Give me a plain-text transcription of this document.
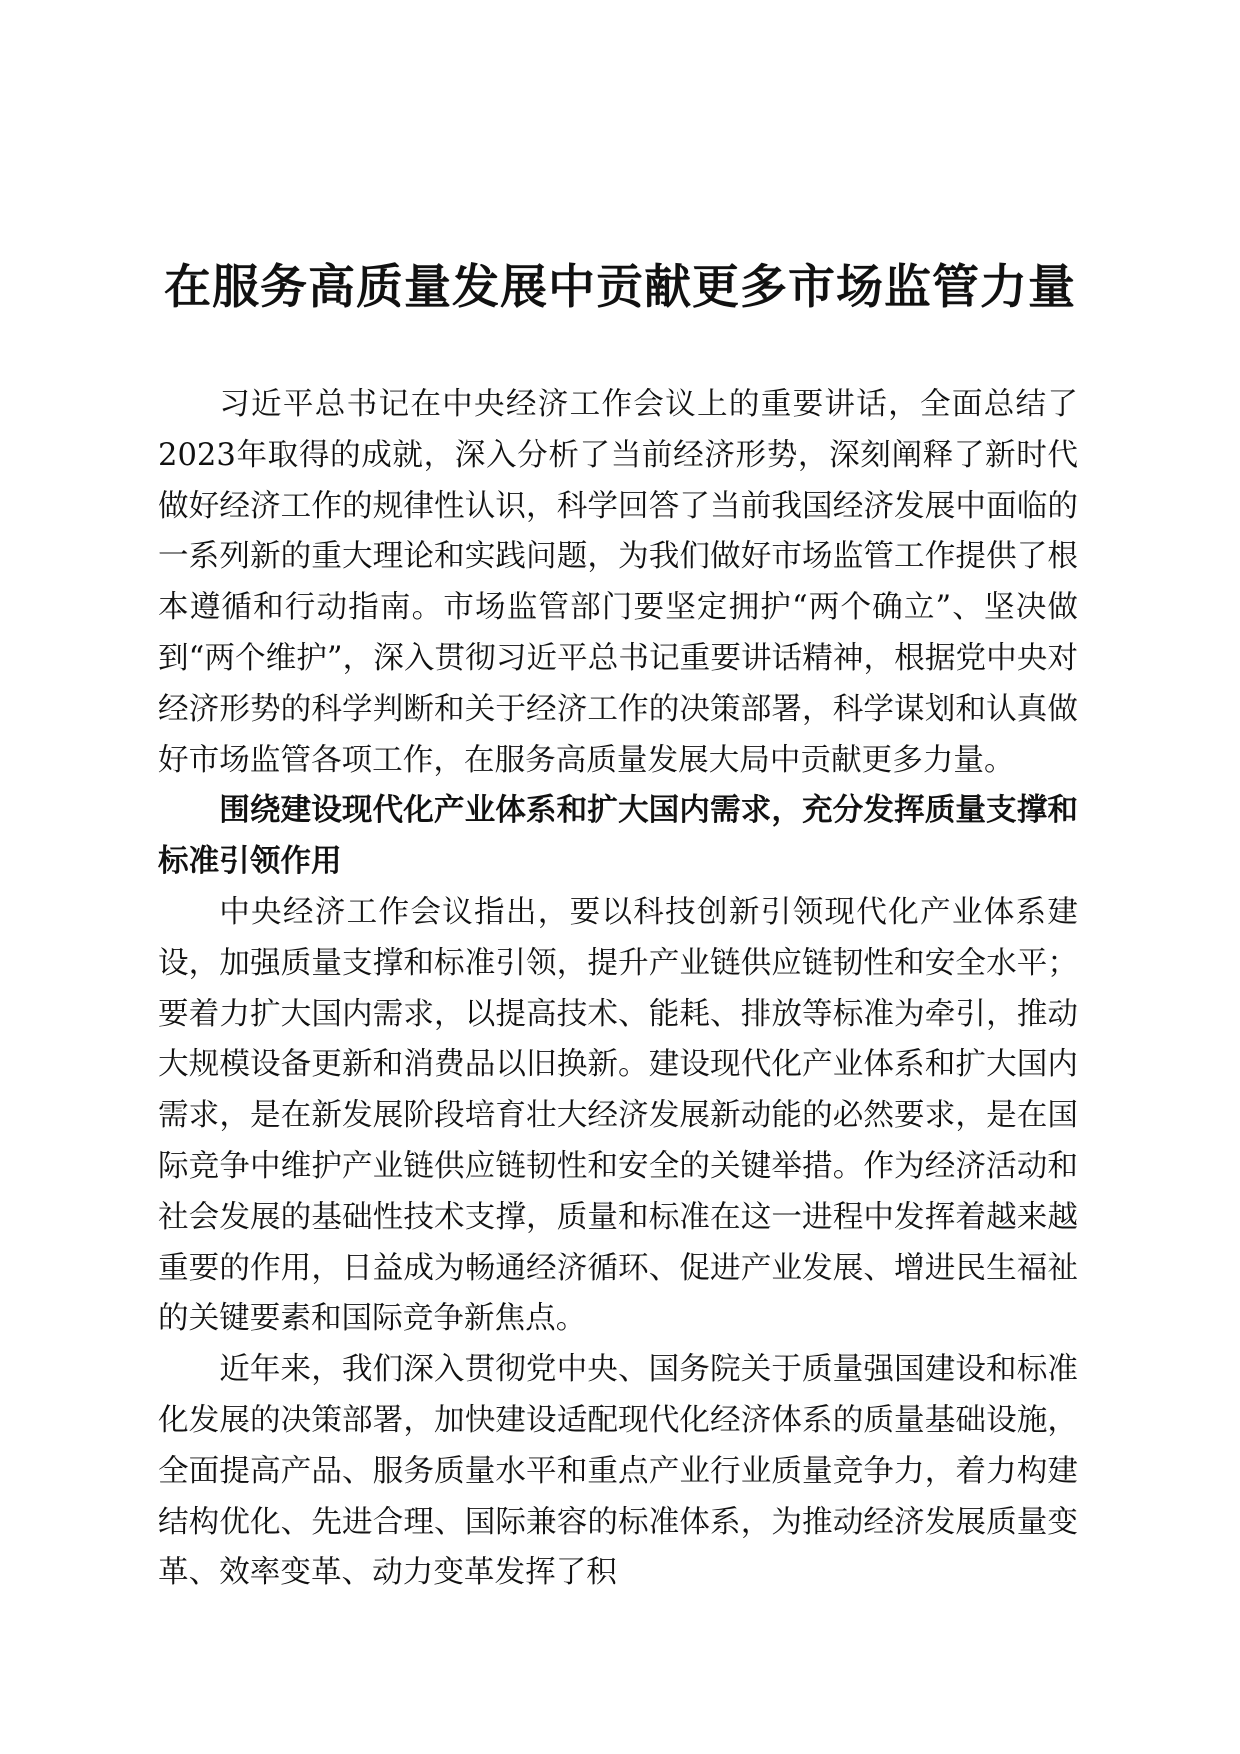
在服务高质量发展中贡献更多市场监管力量

习近平总书记在中央经济工作会议上的重要讲话，全面总结了2023年取得的成就，深入分析了当前经济形势，深刻阐释了新时代做好经济工作的规律性认识，科学回答了当前我国经济发展中面临的一系列新的重大理论和实践问题，为我们做好市场监管工作提供了根本遵循和行动指南。市场监管部门要坚定拥护“两个确立”、坚决做到“两个维护”，深入贯彻习近平总书记重要讲话精神，根据党中央对经济形势的科学判断和关于经济工作的决策部署，科学谋划和认真做好市场监管各项工作，在服务高质量发展大局中贡献更多力量。

围绕建设现代化产业体系和扩大国内需求，充分发挥质量支撑和标准引领作用

中央经济工作会议指出，要以科技创新引领现代化产业体系建设，加强质量支撑和标准引领，提升产业链供应链韧性和安全水平；要着力扩大国内需求，以提高技术、能耗、排放等标准为牵引，推动大规模设备更新和消费品以旧换新。建设现代化产业体系和扩大国内需求，是在新发展阶段培育壮大经济发展新动能的必然要求，是在国际竞争中维护产业链供应链韧性和安全的关键举措。作为经济活动和社会发展的基础性技术支撑，质量和标准在这一进程中发挥着越来越重要的作用，日益成为畅通经济循环、促进产业发展、增进民生福祉的关键要素和国际竞争新焦点。

近年来，我们深入贯彻党中央、国务院关于质量强国建设和标准化发展的决策部署，加快建设适配现代化经济体系的质量基础设施，全面提高产品、服务质量水平和重点产业行业质量竞争力，着力构建结构优化、先进合理、国际兼容的标准体系，为推动经济发展质量变革、效率变革、动力变革发挥了积
